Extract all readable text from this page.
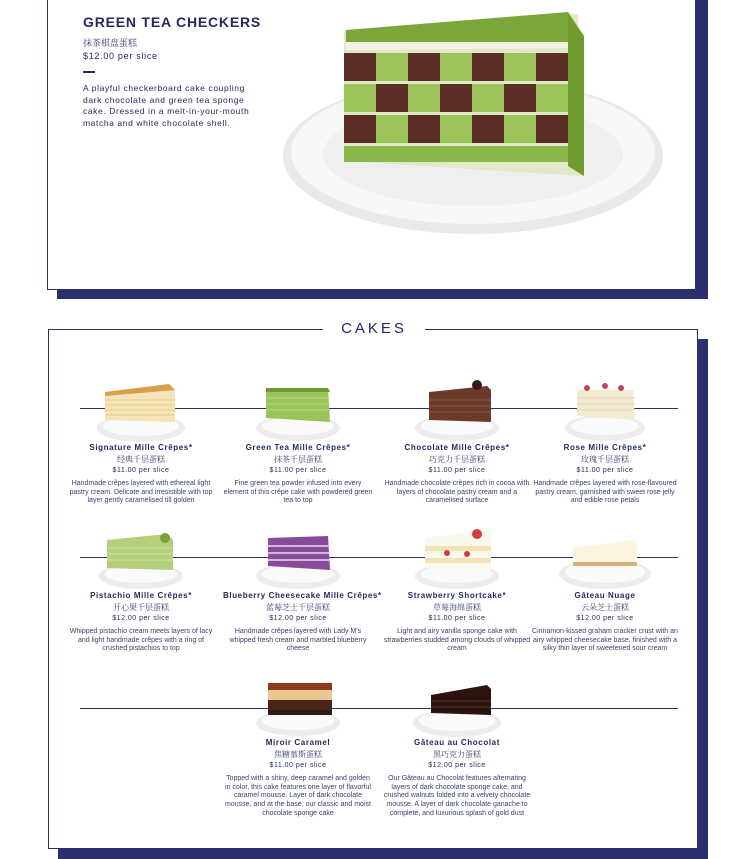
GREEN TEA CHECKERS
抹茶棋盘蛋糕
$12.00 per slice

A playful checkerboard cake coupling dark chocolate and green tea sponge cake. Dressed in a melt-in-your-mouth matcha and white chocolate shell.

CAKES
Signature Mille Crêpes*
经典千层蛋糕
$11.00 per slice
Handmade crêpes layered with ethereal light pastry cream. Delicate and irresistible with top layer gently caramelised till golden
Green Tea Mille Crêpes*
抹茶千层蛋糕
$11.00 per slice
Fine green tea powder infused into every element of this crêpe cake with powdered green tea to top
Chocolate Mille Crêpes*
巧克力千层蛋糕
$11.00 per slice
Handmade chocolate crêpes rich in cocoa with layers of chocolate pastry cream and a caramelised surface
Rose Mille Crêpes*
玫瑰千层蛋糕
$11.00 per slice
Handmade crêpes layered with rose-flavoured pastry cream, garnished with sweet rose jelly and edible rose petals
Pistachio Mille Crêpes*
开心果千层蛋糕
$12.00 per slice
Whipped pistachio cream meets layers of lacy and light handmade crêpes with a ring of crushed pistachios to top
Blueberry Cheesecake Mille Crêpes*
蓝莓芝士千层蛋糕
$12.00 per slice
Handmade crêpes layered with Lady M's whipped fresh cream and marbled blueberry cheese
Strawberry Shortcake*
草莓海绵蛋糕
$11.00 per slice
Light and airy vanilla sponge cake with strawberries studded among clouds of whipped cream
Gâteau Nuage
云朵芝士蛋糕
$12.00 per slice
Cinnamon-kissed graham cracker crust with an airy whipped cheesecake base, finished with a silky thin layer of sweetened sour cream
Miroir Caramel
焦糖慕斯蛋糕
$11.00 per slice
Topped with a shiny, deep caramel and golden in color, this cake features one layer of flavorful caramel mousse. Layer of dark chocolate mousse, and at the base, our classic and moist chocolate sponge cake
Gâteau au Chocolat
黑巧克力蛋糕
$12.00 per slice
Our Gâteau au Chocolat features alternating layers of dark chocolate sponge cake, and crushed walnuts folded into a velvety chocolate mousse. A layer of dark chocolate ganache to complete, and luxurious splash of gold dust
